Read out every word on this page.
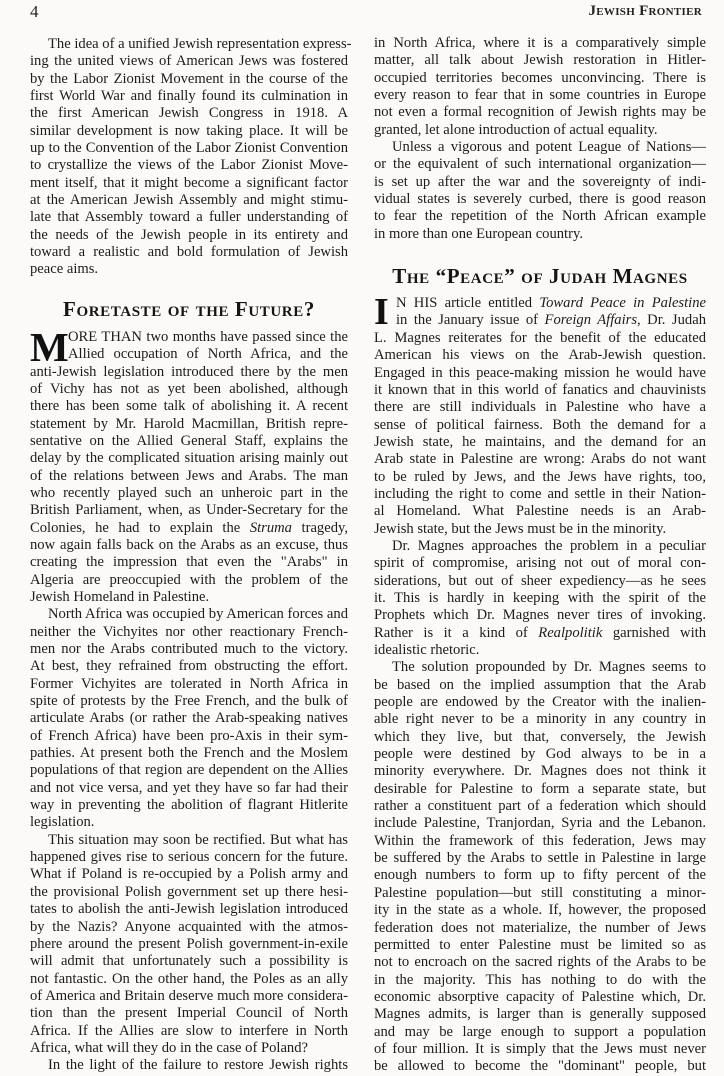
4	Jewish Frontier
The idea of a unified Jewish representation express-
ing the united views of American Jews was fostered
by the Labor Zionist Movement in the course of the
first World War and finally found its culmination in
the first American Jewish Congress in 1918. A
similar development is now taking place. It will be
up to the Convention of the Labor Zionist Convention
to crystallize the views of the Labor Zionist Move-
ment itself, that it might become a significant factor
at the American Jewish Assembly and might stimu-
late that Assembly toward a fuller understanding of
the needs of the Jewish people in its entirety and
toward a realistic and bold formulation of Jewish
peace aims.
Foretaste of the Future?
M ORE THAN two months have passed since the
Allied occupation of North Africa, and the
anti-Jewish legislation introduced there by the men
of Vichy has not as yet been abolished, although
there has been some talk of abolishing it. A recent
statement by Mr. Harold Macmillan, British repre-
sentative on the Allied General Staff, explains the
delay by the complicated situation arising mainly out
of the relations between Jews and Arabs. The man
who recently played such an unheroic part in the
British Parliament, when, as Under-Secretary for the
Colonies, he had to explain the Struma tragedy,
now again falls back on the Arabs as an excuse, thus
creating the impression that even the "Arabs" in
Algeria are preoccupied with the problem of the
Jewish Homeland in Palestine.
North Africa was occupied by American forces and
neither the Vichyites nor other reactionary French-
men nor the Arabs contributed much to the victory.
At best, they refrained from obstructing the effort.
Former Vichyites are tolerated in North Africa in
spite of protests by the Free French, and the bulk of
articulate Arabs (or rather the Arab-speaking natives
of French Africa) have been pro-Axis in their sym-
pathies. At present both the French and the Moslem
populations of that region are dependent on the Allies
and not vice versa, and yet they have so far had their
way in preventing the abolition of flagrant Hitlerite
legislation.
This situation may soon be rectified. But what has
happened gives rise to serious concern for the future.
What if Poland is re-occupied by a Polish army and
the provisional Polish government set up there hesi-
tates to abolish the anti-Jewish legislation introduced
by the Nazis? Anyone acquainted with the atmos-
phere around the present Polish government-in-exile
will admit that unfortunately such a possibility is
not fantastic. On the other hand, the Poles as an ally
of America and Britain deserve much more considera-
tion than the present Imperial Council of North
Africa. If the Allies are slow to interfere in North
Africa, what will they do in the case of Poland?
In the light of the failure to restore Jewish rights
in North Africa, where it is a comparatively simple
matter, all talk about Jewish restoration in Hitler-
occupied territories becomes unconvincing. There is
every reason to fear that in some countries in Europe
not even a formal recognition of Jewish rights may be
granted, let alone introduction of actual equality.
Unless a vigorous and potent League of Nations—
or the equivalent of such international organization—
is set up after the war and the sovereignty of indi-
vidual states is severely curbed, there is good reason
to fear the repetition of the North African example
in more than one European country.
The “Peace” of Judah Magnes
I N HIS article entitled Toward Peace in Palestine
in the January issue of Foreign Affairs, Dr. Judah
L. Magnes reiterates for the benefit of the educated
American his views on the Arab-Jewish question.
Engaged in this peace-making mission he would have
it known that in this world of fanatics and chauvinists
there are still individuals in Palestine who have a
sense of political fairness. Both the demand for a
Jewish state, he maintains, and the demand for an
Arab state in Palestine are wrong: Arabs do not want
to be ruled by Jews, and the Jews have rights, too,
including the right to come and settle in their Nation-
al Homeland. What Palestine needs is an Arab-
Jewish state, but the Jews must be in the minority.
Dr. Magnes approaches the problem in a peculiar
spirit of compromise, arising not out of moral con-
siderations, but out of sheer expediency—as he sees
it. This is hardly in keeping with the spirit of the
Prophets which Dr. Magnes never tires of invoking.
Rather is it a kind of Realpolitik garnished with
idealistic rhetoric.
The solution propounded by Dr. Magnes seems to
be based on the implied assumption that the Arab
people are endowed by the Creator with the inalien-
able right never to be a minority in any country in
which they live, but that, conversely, the Jewish
people were destined by God always to be in a
minority everywhere. Dr. Magnes does not think it
desirable for Palestine to form a separate state, but
rather a constituent part of a federation which should
include Palestine, Tranjordan, Syria and the Lebanon.
Within the framework of this federation, Jews may
be suffered by the Arabs to settle in Palestine in large
enough numbers to form up to fifty percent of the
Palestine population—but still constituting a minor-
ity in the state as a whole. If, however, the proposed
federation does not materialize, the number of Jews
permitted to enter Palestine must be limited so as
not to encroach on the sacred rights of the Arabs to be
in the majority. This has nothing to do with the
economic absorptive capacity of Palestine which, Dr.
Magnes admits, is larger than is generally supposed
and may be large enough to support a population
of four million. It is simply that the Jews must never
be allowed to become the "dominant" people, but
